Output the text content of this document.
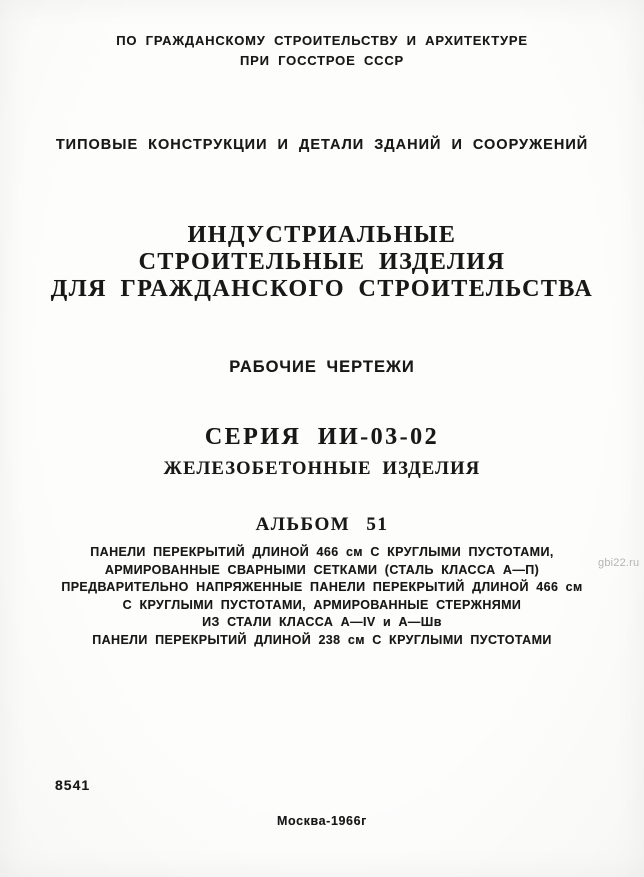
ПО ГРАЖДАНСКОМУ СТРОИТЕЛЬСТВУ И АРХИТЕКТУРЕ
ПРИ ГОССТРОЕ СССР
ТИПОВЫЕ КОНСТРУКЦИИ И ДЕТАЛИ ЗДАНИЙ И СООРУЖЕНИЙ
ИНДУСТРИАЛЬНЫЕ
СТРОИТЕЛЬНЫЕ ИЗДЕЛИЯ
ДЛЯ ГРАЖДАНСКОГО СТРОИТЕЛЬСТВА
РАБОЧИЕ ЧЕРТЕЖИ
СЕРИЯ ИИ-03-02
ЖЕЛЕЗОБЕТОННЫЕ ИЗДЕЛИЯ
АЛЬБОМ 51
ПАНЕЛИ ПЕРЕКРЫТИЙ ДЛИНОЙ 466 см С КРУГЛЫМИ ПУСТОТАМИ,
АРМИРОВАННЫЕ СВАРНЫМИ СЕТКАМИ (СТАЛЬ КЛАССА А—П)
ПРЕДВАРИТЕЛЬНО НАПРЯЖЕННЫЕ ПАНЕЛИ ПЕРЕКРЫТИЙ ДЛИНОЙ 466 см
С КРУГЛЫМИ ПУСТОТАМИ, АРМИРОВАННЫЕ СТЕРЖНЯМИ
ИЗ СТАЛИ КЛАССА А—IV и А—Шв
ПАНЕЛИ ПЕРЕКРЫТИЙ ДЛИНОЙ 238 см С КРУГЛЫМИ ПУСТОТАМИ
gbi22.ru
8541
Москва-1966г
